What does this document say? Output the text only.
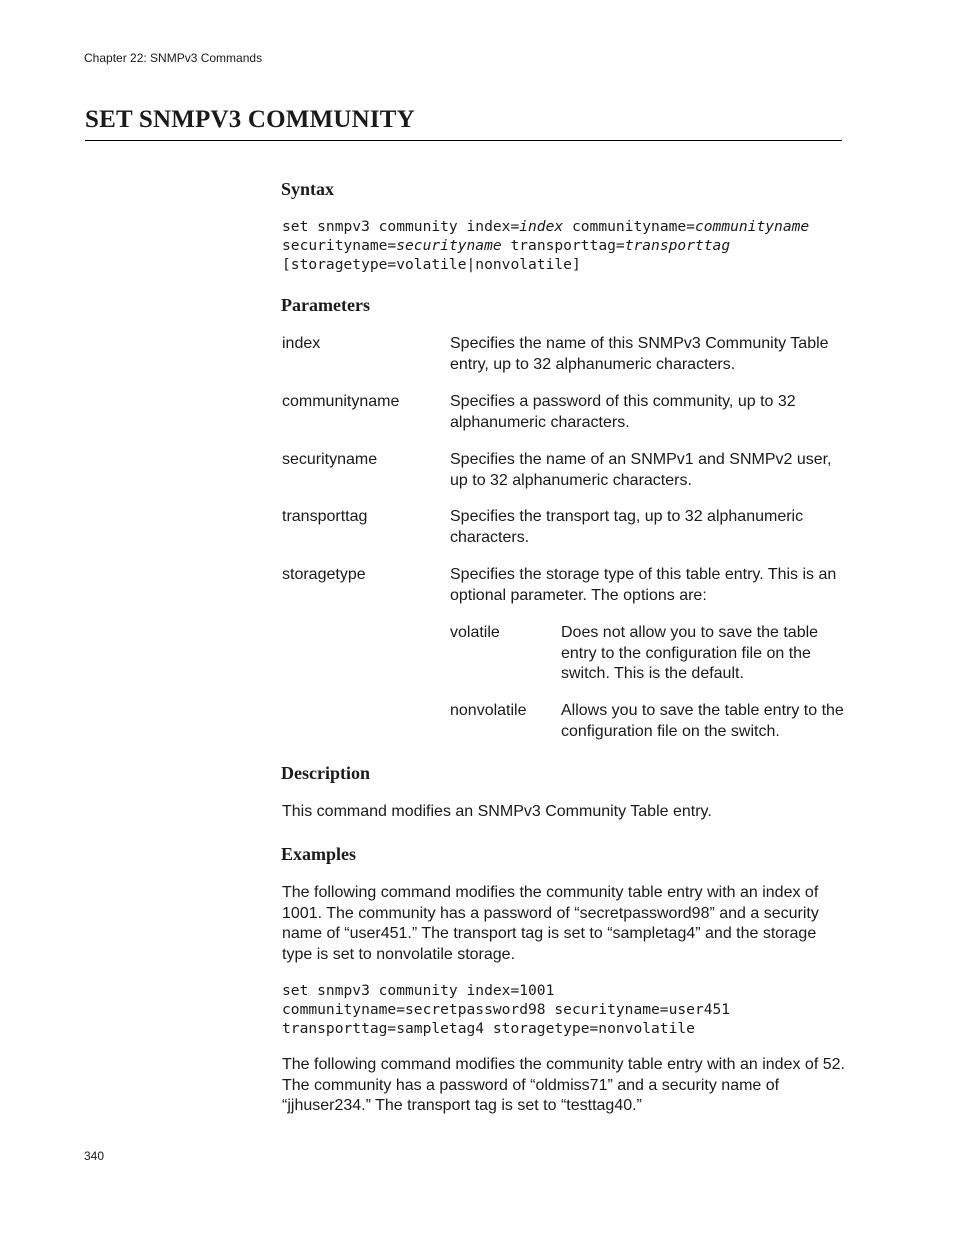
Chapter 22: SNMPv3 Commands
SET SNMPV3 COMMUNITY
Syntax
set snmpv3 community index=index communityname=communityname
securityname=securityname transporttag=transporttag
[storagetype=volatile|nonvolatile]
Parameters
index	Specifies the name of this SNMPv3 Community Table entry, up to 32 alphanumeric characters.
communityname	Specifies a password of this community, up to 32 alphanumeric characters.
securityname	Specifies the name of an SNMPv1 and SNMPv2 user, up to 32 alphanumeric characters.
transporttag	Specifies the transport tag, up to 32 alphanumeric characters.
storagetype	Specifies the storage type of this table entry. This is an optional parameter. The options are:
volatile	Does not allow you to save the table entry to the configuration file on the switch. This is the default.
nonvolatile Allows you to save the table entry to the configuration file on the switch.
Description
This command modifies an SNMPv3 Community Table entry.
Examples
The following command modifies the community table entry with an index of 1001. The community has a password of “secretpassword98” and a security name of “user451.” The transport tag is set to “sampletag4” and the storage type is set to nonvolatile storage.
set snmpv3 community index=1001
communityname=secretpassword98 securityname=user451
transporttag=sampletag4 storagetype=nonvolatile
The following command modifies the community table entry with an index of 52. The community has a password of “oldmiss71” and a security name of “jjhuser234.” The transport tag is set to “testtag40.”
340
